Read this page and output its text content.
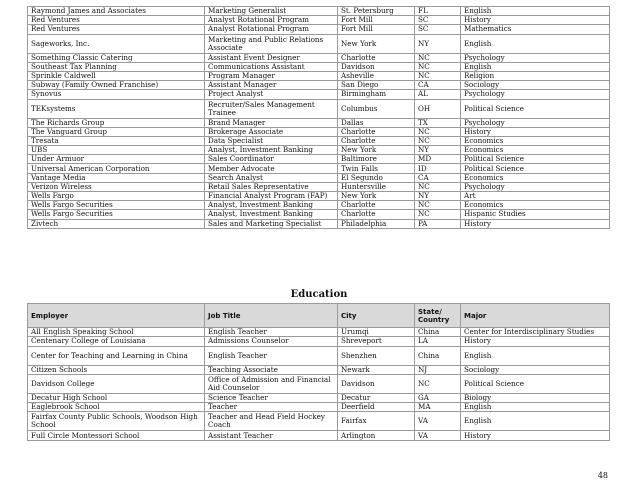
Raymond James and Associates	Marketing Generalist	St. Petersburg	FL	English
Red Ventures	Analyst Rotational Program	Fort Mill	SC	History
Red Ventures	Analyst Rotational Program	Fort Mill	SC	Mathematics
Sageworks, Inc.	Marketing and Public Relations Associate	New York	NY	English
Something Classic Catering	Assistant Event Designer	Charlotte	NC	Psychology
Southeast Tax Planning	Communications Assistant	Davidson	NC	English
Sprinkle Caldwell	Program Manager	Asheville	NC	Religion
Subway (Family Owned Franchise)	Assistant Manager	San Diego	CA	Sociology
Synovus	Project Analyst	Birmingham	AL	Psychology
TEKsystems	Recruiter/Sales Management Trainee	Columbus	OH	Political Science
The Richards Group	Brand Manager	Dallas	TX	Psychology
The Vanguard Group	Brokerage Associate	Charlotte	NC	History
Tresata	Data Specialist	Charlotte	NC	Economics
UBS	Analyst, Investment Banking	New York	NY	Economics
Under Armuor	Sales Coordinator	Baltimore	MD	Political Science
Universal American Corporation	Member Advocate	Twin Falls	ID	Political Science
Vantage Media	Search Analyst	El Segundo	CA	Economics
Verizon Wireless	Retail Sales Representative	Huntersville	NC	Psychology
Wells Fargo	Financial Analyst Program (FAP)	New York	NY	Art
Wells Fargo Securities	Analyst, Investment Banking	Charlotte	NC	Economics
Wells Fargo Securities	Analyst, Investment Banking	Charlotte	NC	Hispanic Studies
Zivtech	Sales and Marketing Specialist	Philadelphia	PA	History
Education
Employer	Job Title	City	State/ Country	Major
All English Speaking School	English Teacher	Urumqi	China	Center for Interdisciplinary Studies
Centenary College of Louisiana	Admissions Counselor	Shreveport	LA	History
Center for Teaching and Learning in China	English Teacher	Shenzhen	China	English
Citizen Schools	Teaching Associate	Newark	NJ	Sociology
Davidson College	Office of Admission and Financial Aid Counselor	Davidson	NC	Political Science
Decatur High School	Science Teacher	Decatur	GA	Biology
Eaglebrook School	Teacher	Deerfield	MA	English
Fairfax County Public Schools, Woodson High School	Teacher and Head Field Hockey Coach	Fairfax	VA	English
Full Circle Montessori School	Assistant Teacher	Arlington	VA	History
48
